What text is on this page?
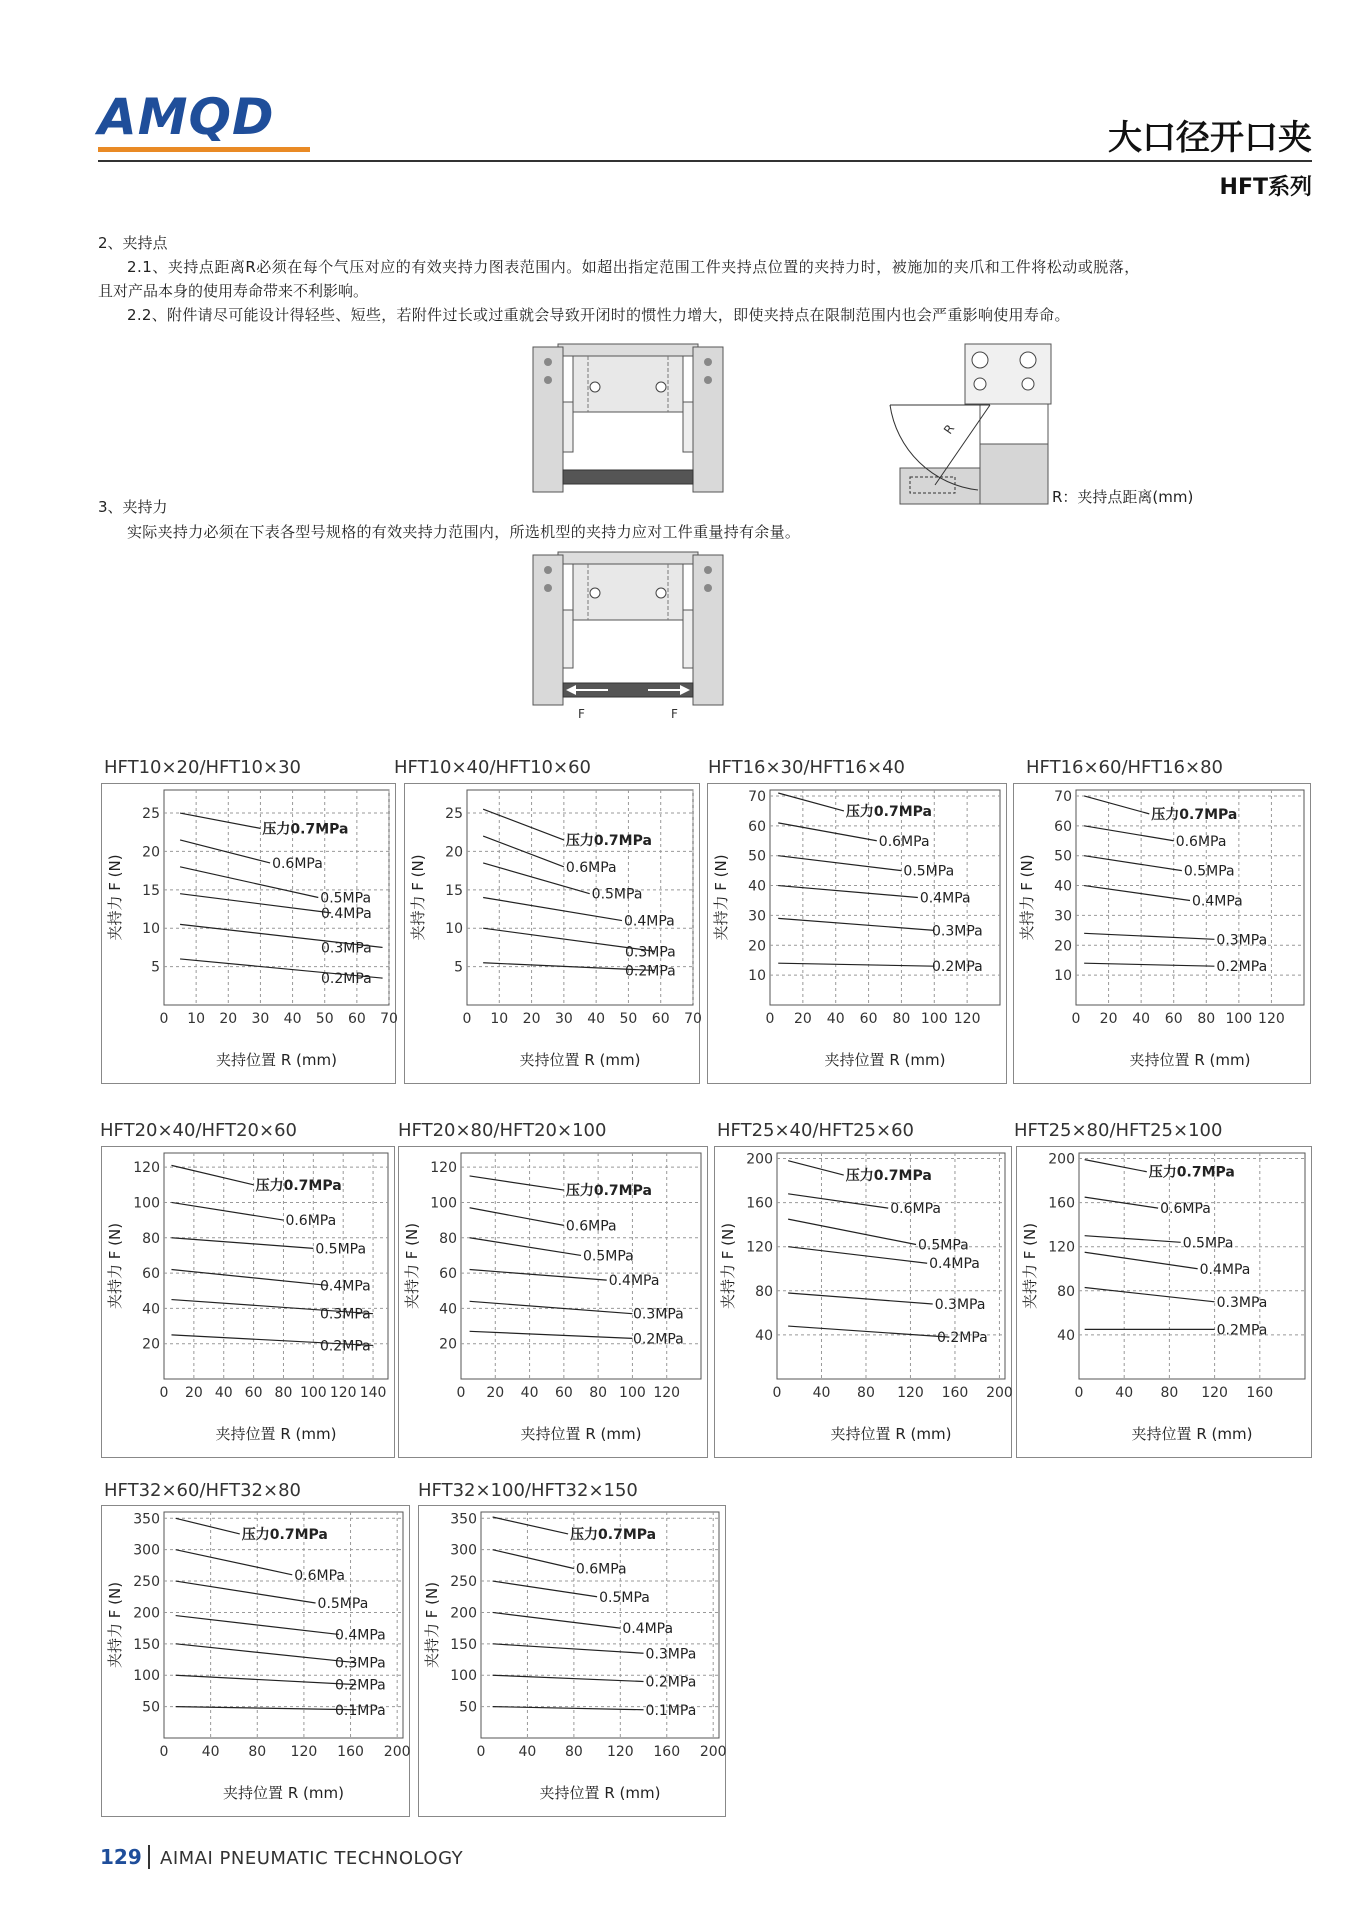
AMQD	大口径开口夹
HFT系列
2、夹持点
2.1、夹持点距离R必须在每个气压对应的有效夹持力图表范围内。如超出指定范围工件夹持点位置的夹持力时，被施加的夹爪和工件将松动或脱落，
且对产品本身的使用寿命带来不利影响。
2.2、附件请尽可能设计得轻些、短些，若附件过长或过重就会导致开闭时的惯性力增大，即使夹持点在限制范围内也会严重影响使用寿命。
R
R：夹持点距离(mm)
3、夹持力
实际夹持力必须在下表各型号规格的有效夹持力范围内，所选机型的夹持力应对工件重量持有余量。
F	F
HFT10×20/HFT10×30
0 10 20 30 40 50 60 70
5
10
15
20
25
夹持位置 R (mm)
夹持力 F (N)
压力0.7MPa
0.6MPa
0.5MPa
0.4MPa
0.3MPa
0.2MPa
HFT10×40/HFT10×60
0 10 20 30 40 50 60 70
5
10
15
20
25
夹持位置 R (mm)
夹持力 F (N)
压力0.7MPa
0.6MPa
0.5MPa
0.4MPa
0.3MPa
0.2MPa
HFT16×30/HFT16×40
0 20 40 60 80 100 120
10
20
30
40
50
60
70
夹持位置 R (mm)
夹持力 F (N)
压力0.7MPa
0.6MPa
0.5MPa
0.4MPa
0.3MPa
0.2MPa
HFT16×60/HFT16×80
0 20 40 60 80 100 120
10
20
30
40
50
60
70
夹持位置 R (mm)
夹持力 F (N)
压力0.7MPa
0.6MPa
0.5MPa
0.4MPa
0.3MPa
0.2MPa
HFT20×40/HFT20×60
0 20 40 60 80 100 120 140
20
40
60
80
100
120
夹持位置 R (mm)
夹持力 F (N)
压力0.7MPa
0.6MPa
0.5MPa
0.4MPa
0.3MPa
0.2MPa
HFT20×80/HFT20×100
0 20 40 60 80 100 120
20
40
60
80
100
120
夹持位置 R (mm)
夹持力 F (N)
压力0.7MPa
0.6MPa
0.5MPa
0.4MPa
0.3MPa
0.2MPa
HFT25×40/HFT25×60
0 40 80 120 160 200
40
80
120
160
200
夹持位置 R (mm)
夹持力 F (N)
压力0.7MPa
0.6MPa
0.5MPa
0.4MPa
0.3MPa
0.2MPa
HFT25×80/HFT25×100
0 40 80 120 160
40
80
120
160
200
夹持位置 R (mm)
夹持力 F (N)
压力0.7MPa
0.6MPa
0.5MPa
0.4MPa
0.3MPa
0.2MPa
HFT32×60/HFT32×80
0 40 80 120 160 200
50
100
150
200
250
300
350
夹持位置 R (mm)
夹持力 F (N)
压力0.7MPa
0.6MPa
0.5MPa
0.4MPa
0.3MPa
0.2MPa
0.1MPa
HFT32×100/HFT32×150
0 40 80 120 160 200
50
100
150
200
250
300
350
夹持位置 R (mm)
夹持力 F (N)
压力0.7MPa
0.6MPa
0.5MPa
0.4MPa
0.3MPa
0.2MPa
0.1MPa
129 AIMAI PNEUMATIC TECHNOLOGY
